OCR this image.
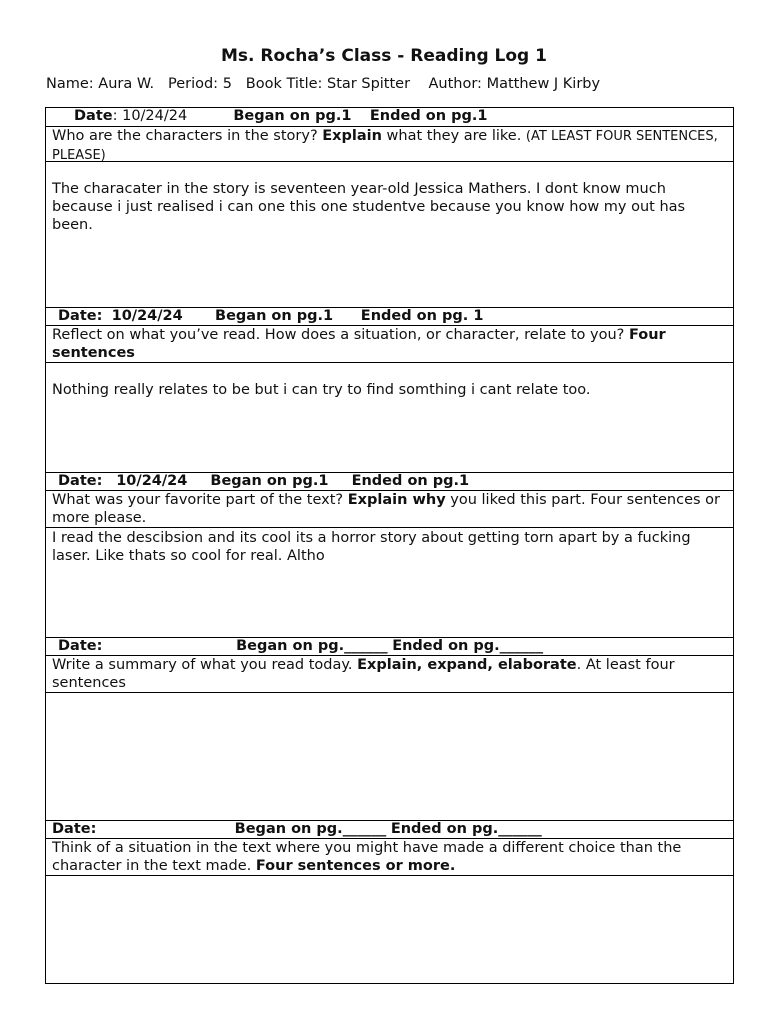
Ms. Rocha’s Class - Reading Log 1
Name: Aura W. Period: 5 Book Title: Star Spitter Author: Matthew J Kirby
Date: 10/24/24	Began on pg.1 Ended on pg.1
Who are the characters in the story? Explain what they are like. (AT LEAST FOUR SENTENCES, PLEASE)
The characater in the story is seventeen year-old Jessica Mathers. I dont know much because i just realised i can one this one studentve because you know how my out has been.
Date: 10/24/24 Began on pg.1 Ended on pg. 1
Reflect on what you’ve read. How does a situation, or character, relate to you? Four sentences
Nothing really relates to be but i can try to find somthing i cant relate too.
Date: 10/24/24 Began on pg.1 Ended on pg.1
What was your favorite part of the text? Explain why you liked this part. Four sentences or more please.
I read the descibsion and its cool its a horror story about getting torn apart by a fucking laser. Like thats so cool for real. Altho
Date:	Began on pg.______ Ended on pg.______
Write a summary of what you read today. Explain, expand, elaborate. At least four sentences
Date:	Began on pg.______ Ended on pg.______
Think of a situation in the text where you might have made a different choice than the character in the text made. Four sentences or more.
